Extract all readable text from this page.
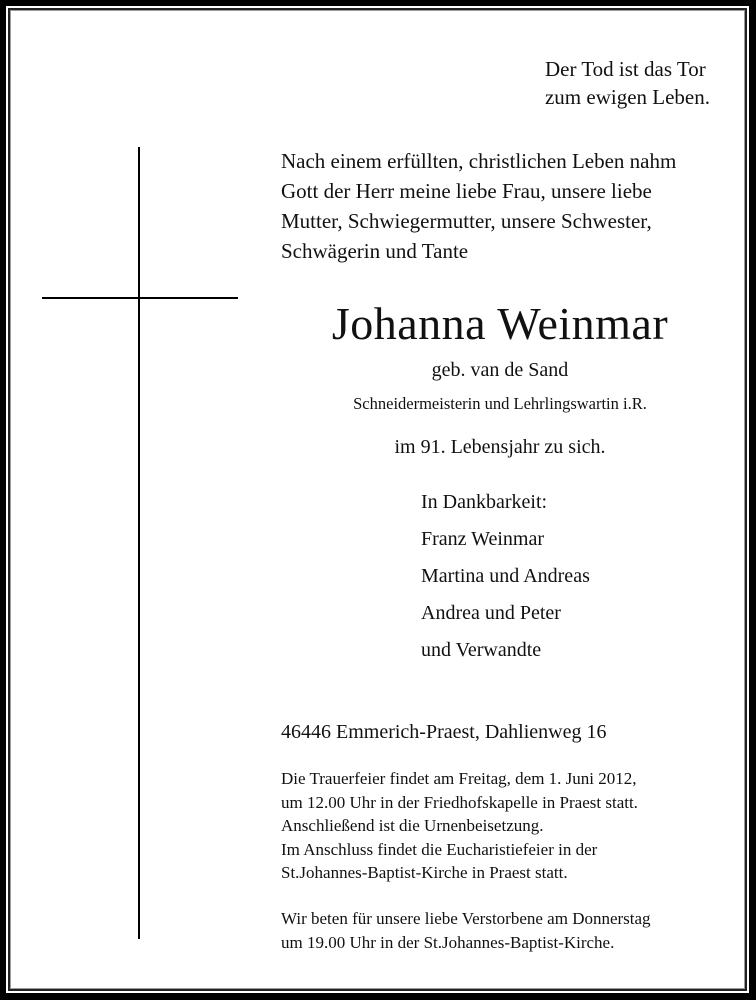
Der Tod ist das Tor
zum ewigen Leben.
Nach einem erfüllten, christlichen Leben nahm
Gott der Herr meine liebe Frau, unsere liebe
Mutter, Schwiegermutter, unsere Schwester,
Schwägerin und Tante
Johanna Weinmar
geb. van de Sand
Schneidermeisterin und Lehrlingswartin i.R.
im 91. Lebensjahr zu sich.
In Dankbarkeit:
Franz Weinmar
Martina und Andreas
Andrea und Peter
und Verwandte
46446 Emmerich-Praest, Dahlienweg 16
Die Trauerfeier findet am Freitag, dem 1. Juni 2012,
um 12.00 Uhr in der Friedhofskapelle in Praest statt.
Anschließend ist die Urnenbeisetzung.
Im Anschluss findet die Eucharistiefeier in der
St.Johannes-Baptist-Kirche in Praest statt.
Wir beten für unsere liebe Verstorbene am Donnerstag
um 19.00 Uhr in der St.Johannes-Baptist-Kirche.
